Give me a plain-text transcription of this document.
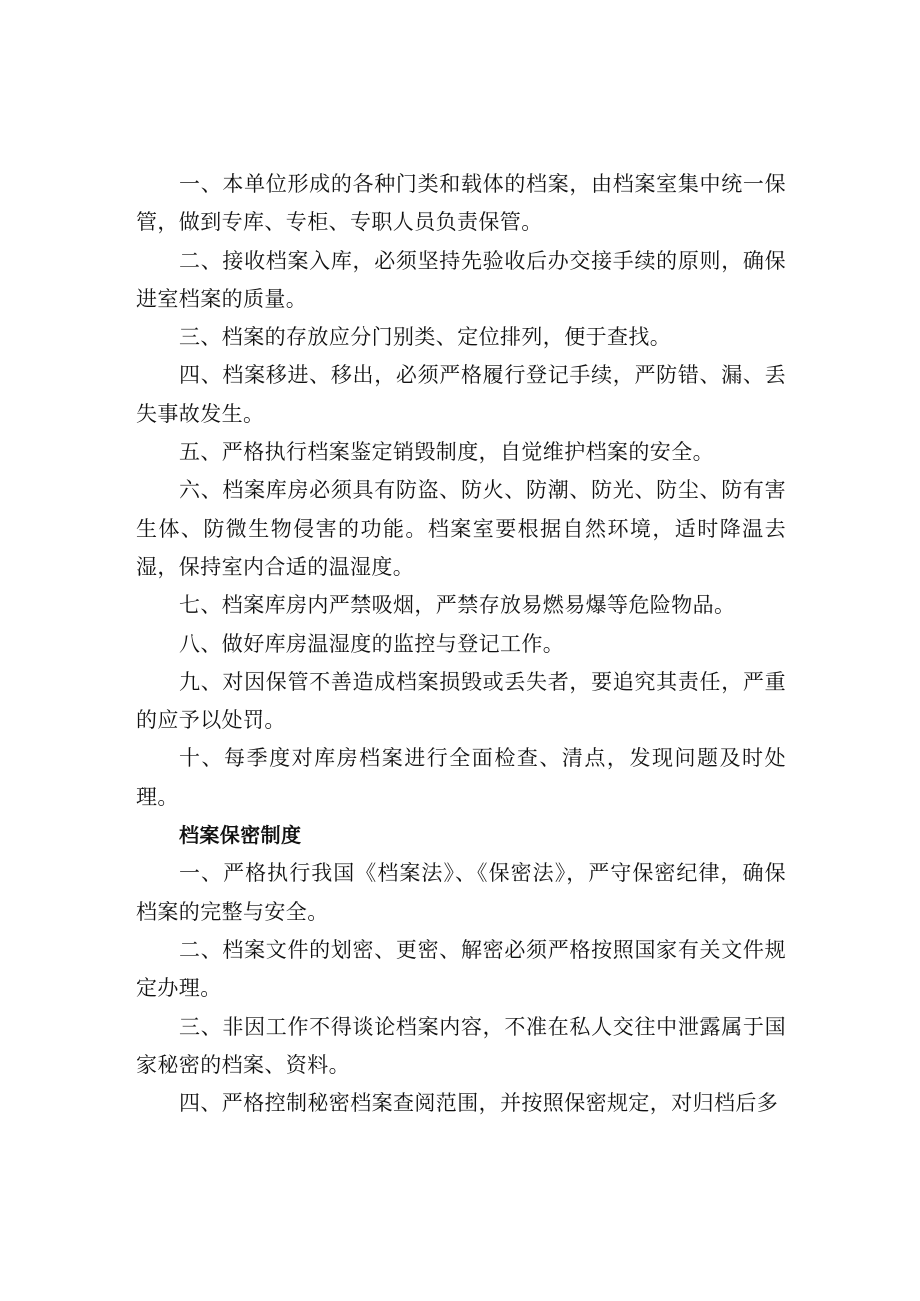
一、本单位形成的各种门类和载体的档案，由档案室集中统一保管，做到专库、专柜、专职人员负责保管。

二、接收档案入库，必须坚持先验收后办交接手续的原则，确保进室档案的质量。

三、档案的存放应分门别类、定位排列，便于查找。

四、档案移进、移出，必须严格履行登记手续，严防错、漏、丢失事故发生。

五、严格执行档案鉴定销毁制度，自觉维护档案的安全。

六、档案库房必须具有防盗、防火、防潮、防光、防尘、防有害生体、防微生物侵害的功能。档案室要根据自然环境，适时降温去湿，保持室内合适的温湿度。

七、档案库房内严禁吸烟，严禁存放易燃易爆等危险物品。

八、做好库房温湿度的监控与登记工作。

九、对因保管不善造成档案损毁或丢失者，要追究其责任，严重的应予以处罚。

十、每季度对库房档案进行全面检查、清点，发现问题及时处理。

档案保密制度

一、严格执行我国《档案法》、《保密法》，严守保密纪律，确保档案的完整与安全。

二、档案文件的划密、更密、解密必须严格按照国家有关文件规定办理。

三、非因工作不得谈论档案内容，不准在私人交往中泄露属于国家秘密的档案、资料。

四、严格控制秘密档案查阅范围，并按照保密规定，对归档后多
